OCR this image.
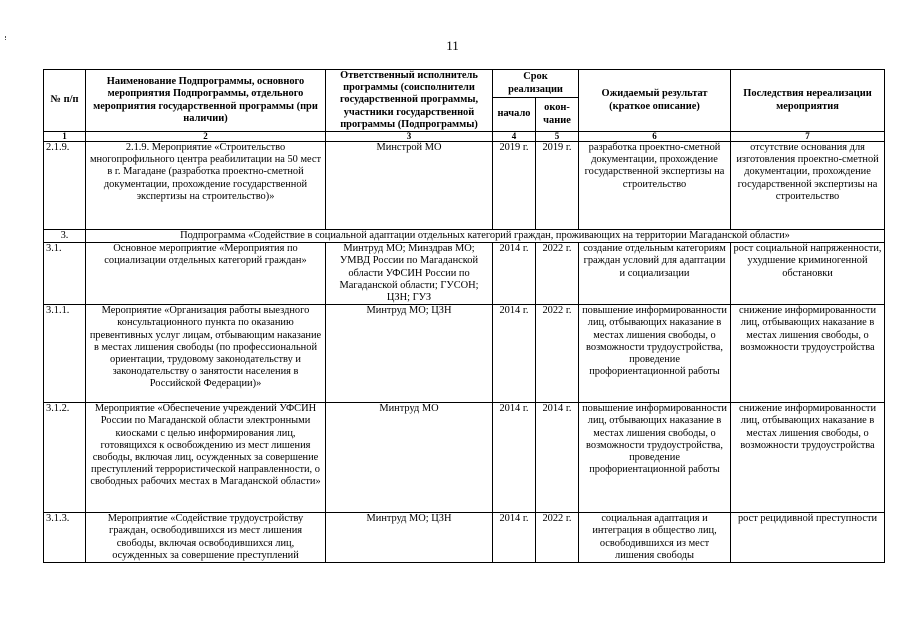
11
№ п/п	Наименование Подпрограммы, основного мероприятия Подпрограммы, отдельного мероприятия государственной программы (при наличии)	Ответственный исполнитель программы (соисполнители государственной программы, участники государственной программы (Подпрограммы)	Срок реализации		Ожидаемый результат (краткое описание)	Последствия нереализации мероприятия
			начало	окон-чание		
1	2	3	4	5	6	7
2.1.9.	2.1.9. Мероприятие «Строительство многопрофильного центра реабилитации на 50 мест в г. Магадане (разработка проектно-сметной документации, прохождение государственной экспертизы на строительство)»	Минстрой МО	2019 г.	2019 г.	разработка проектно-сметной документации, прохождение государственной экспертизы на строительство	отсутствие основания для изготовления проектно-сметной документации, прохождение государственной экспертизы на строительство
3.	Подпрограмма «Содействие в социальной адаптации отдельных категорий граждан, проживающих на территории Магаданской области»					
3.1.	Основное мероприятие «Мероприятия по социализации отдельных категорий граждан»	Минтруд МО; Минздрав МО; УМВД России по Магаданской области УФСИН России по Магаданской области; ГУСОН; ЦЗН; ГУЗ	2014 г.	2022 г.	создание отдельным категориям граждан условий для адаптации и социализации	рост социальной напряженности, ухудшение криминогенной обстановки
3.1.1.	Мероприятие «Организация работы выездного консультационного пункта по оказанию превентивных услуг лицам, отбывающим наказание в местах лишения свободы (по профессиональной ориентации, трудовому законодательству и законодательству о занятости населения в Российской Федерации)»	Минтруд МО; ЦЗН	2014 г.	2022 г.	повышение информированности лиц, отбывающих наказание в местах лишения свободы, о возможности трудоустройства, проведение профориентационной работы	снижение информированности лиц, отбывающих наказание в местах лишения свободы, о возможности трудоустройства
3.1.2.	Мероприятие «Обеспечение учреждений УФСИН России по Магаданской области электронными киосками с целью информирования лиц, готовящихся к освобождению из мест лишения свободы, включая лиц, осужденных за совершение преступлений террористической направленности, о свободных рабочих местах в Магаданской области»	Минтруд МО	2014 г.	2014 г.	повышение информированности лиц, отбывающих наказание в местах лишения свободы, о возможности трудоустройства, проведение профориентационной работы	снижение информированности лиц, отбывающих наказание в местах лишения свободы, о возможности трудоустройства
3.1.3.	Мероприятие «Содействие трудоустройству граждан, освободившихся из мест лишения свободы, включая освободившихся лиц, осужденных за совершение преступлений	Минтруд МО; ЦЗН	2014 г.	2022 г.	социальная адаптация и интеграция в общество лиц, освободившихся из мест лишения свободы	рост рецидивной преступности
